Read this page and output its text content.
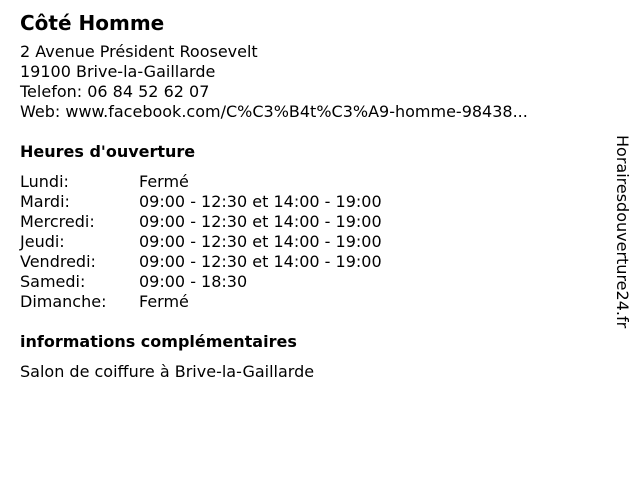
Côté Homme
2 Avenue Président Roosevelt
19100 Brive-la-Gaillarde
Telefon: 06 84 52 62 07
Web: www.facebook.com/C%C3%B4t%C3%A9-homme-98438...
Heures d'ouverture
Lundi:	Fermé
Mardi:	09:00 - 12:30 et 14:00 - 19:00
Mercredi:	09:00 - 12:30 et 14:00 - 19:00
Jeudi:	09:00 - 12:30 et 14:00 - 19:00
Vendredi:	09:00 - 12:30 et 14:00 - 19:00
Samedi:	09:00 - 18:30
Dimanche:	Fermé
informations complémentaires
Salon de coiffure à Brive-la-Gaillarde
Horairesdouverture24.fr
